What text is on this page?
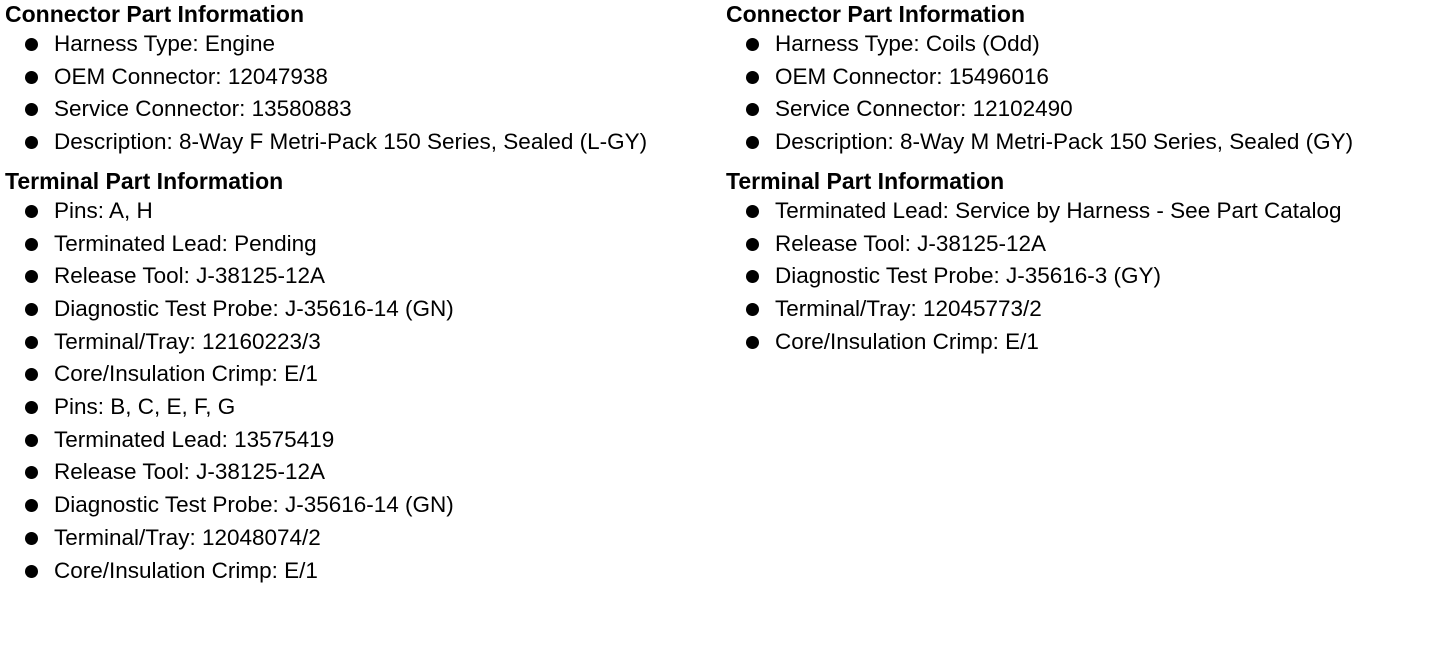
Connector Part Information
Harness Type: Engine
OEM Connector: 12047938
Service Connector: 13580883
Description: 8-Way F Metri-Pack 150 Series, Sealed (L-GY)
Terminal Part Information
Pins: A, H
Terminated Lead: Pending
Release Tool: J-38125-12A
Diagnostic Test Probe: J-35616-14 (GN)
Terminal/Tray: 12160223/3
Core/Insulation Crimp: E/1
Pins: B, C, E, F, G
Terminated Lead: 13575419
Release Tool: J-38125-12A
Diagnostic Test Probe: J-35616-14 (GN)
Terminal/Tray: 12048074/2
Core/Insulation Crimp: E/1
Connector Part Information
Harness Type: Coils (Odd)
OEM Connector: 15496016
Service Connector: 12102490
Description: 8-Way M Metri-Pack 150 Series, Sealed (GY)
Terminal Part Information
Terminated Lead: Service by Harness - See Part Catalog
Release Tool: J-38125-12A
Diagnostic Test Probe: J-35616-3 (GY)
Terminal/Tray: 12045773/2
Core/Insulation Crimp: E/1
